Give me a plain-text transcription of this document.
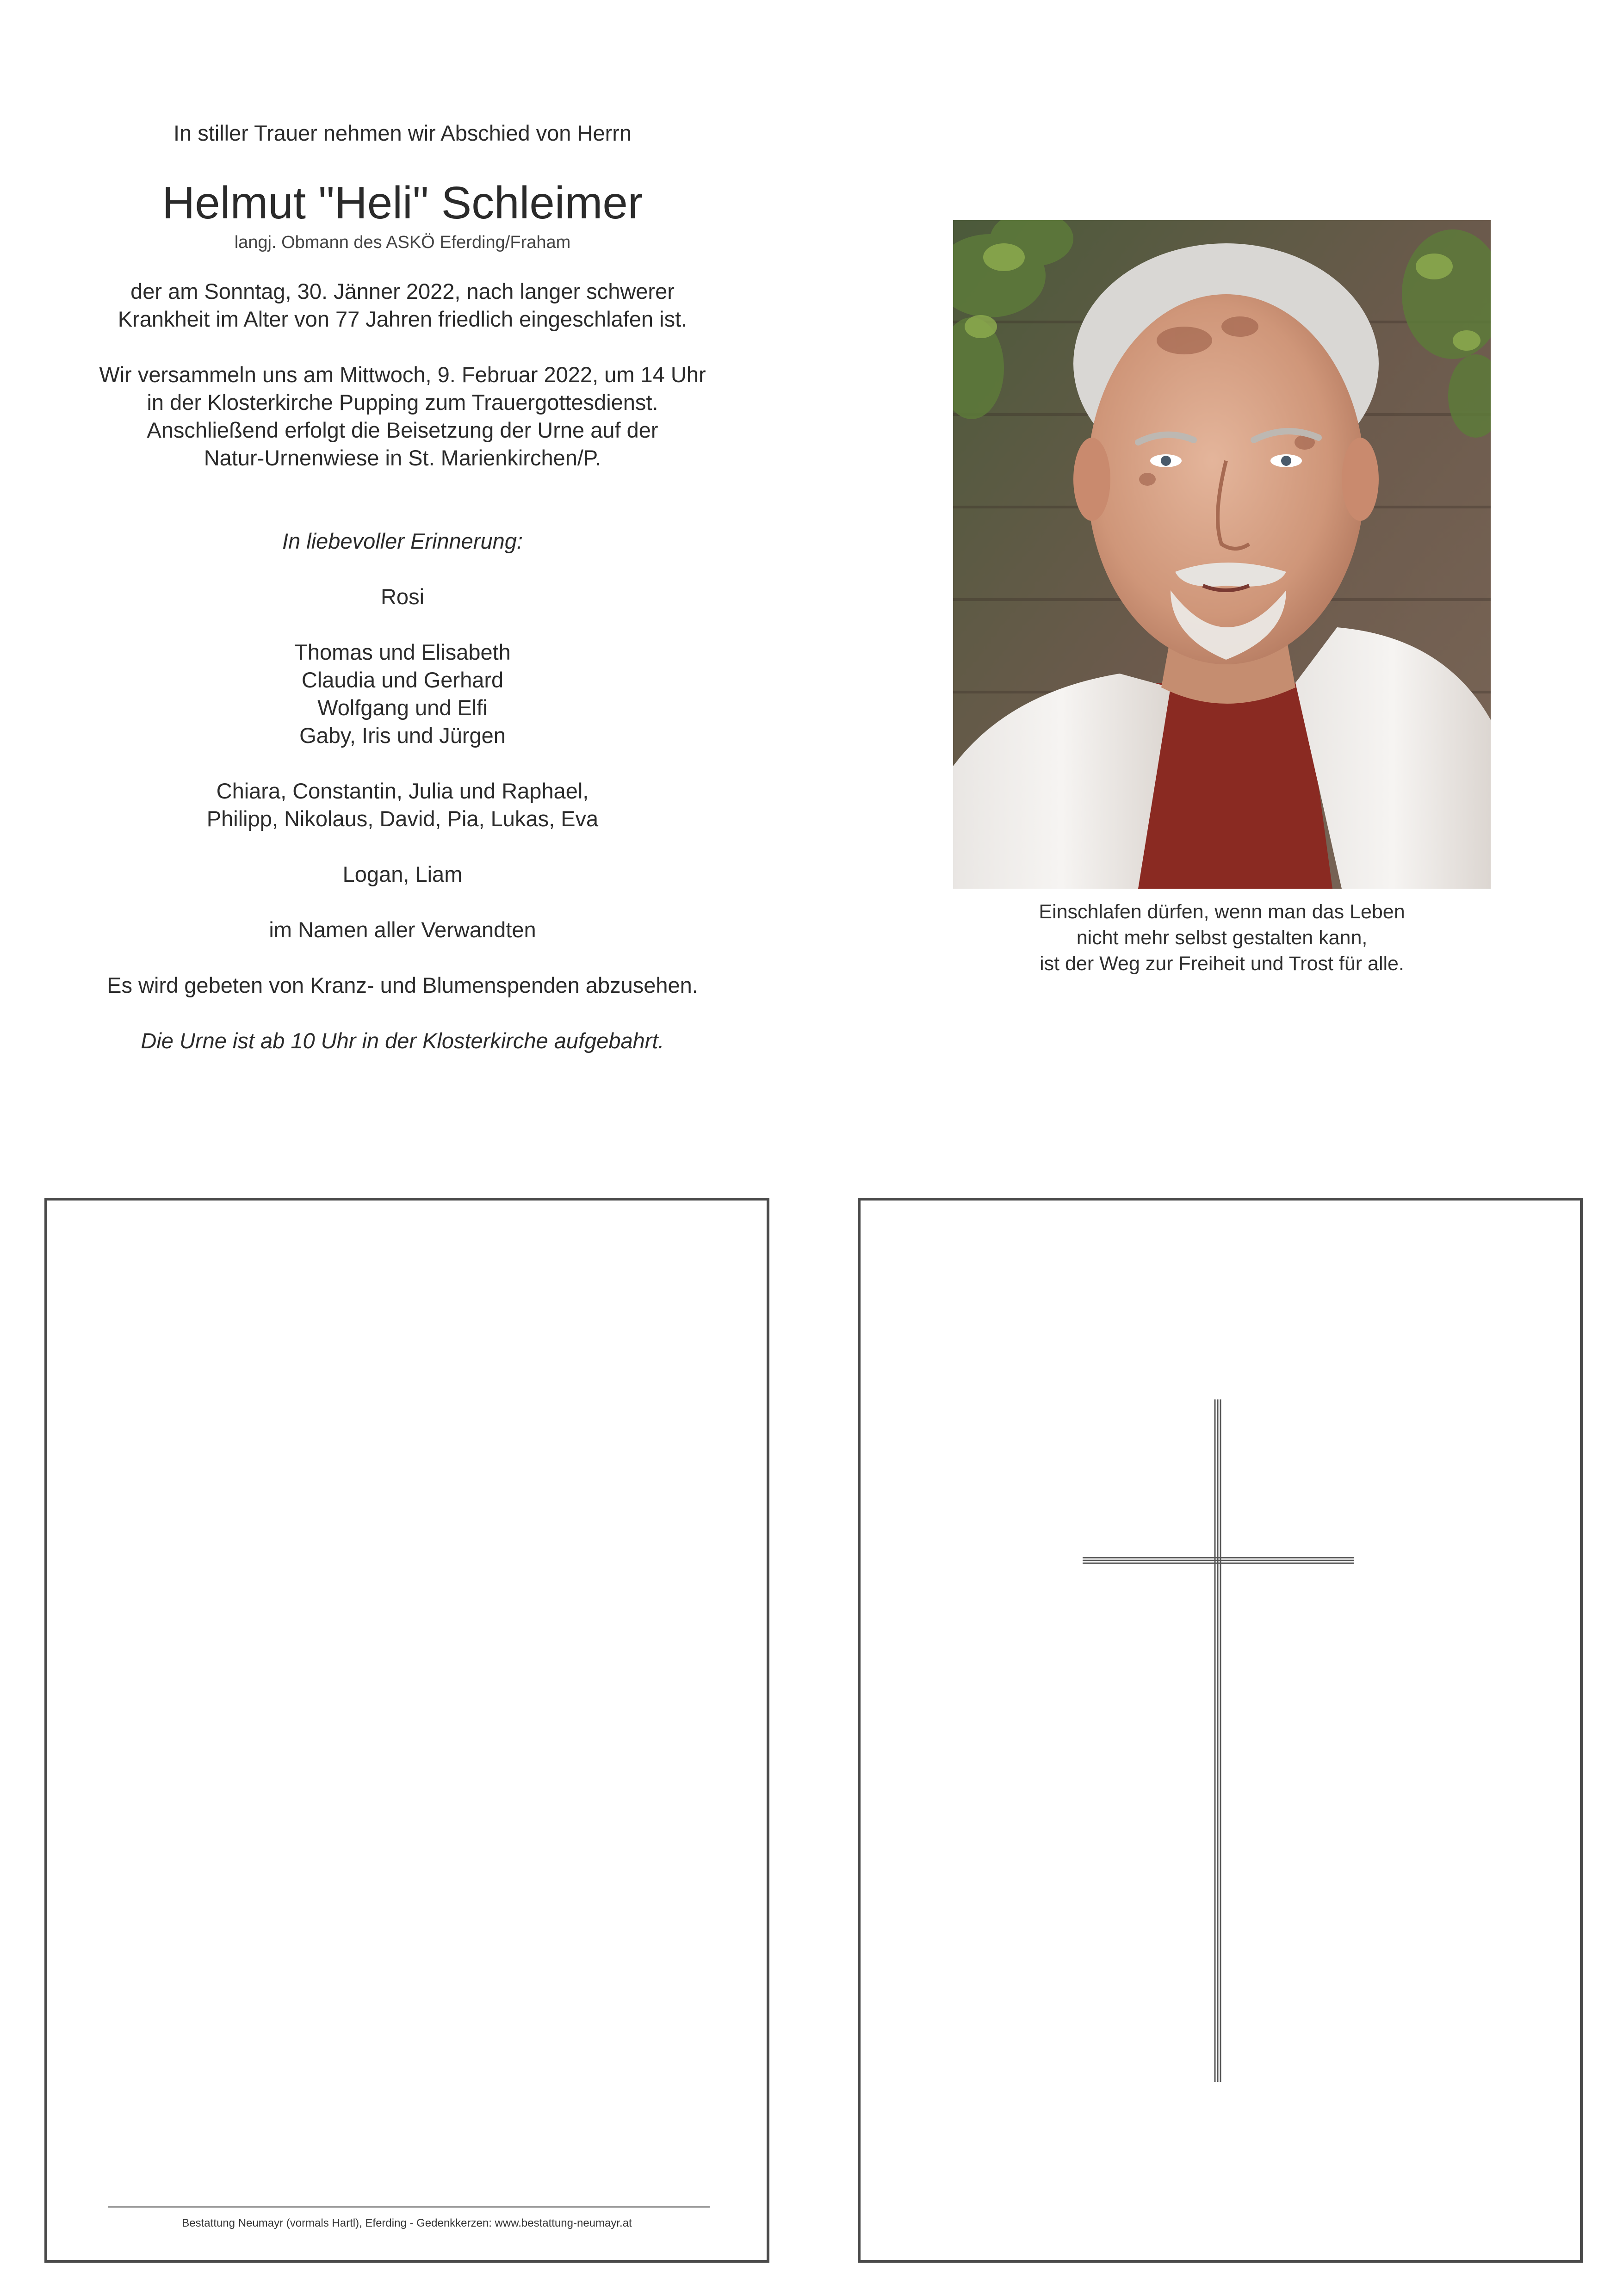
In stiller Trauer nehmen wir Abschied von Herrn
Helmut "Heli" Schleimer
langj. Obmann des ASKÖ Eferding/Fraham
der am Sonntag, 30. Jänner 2022, nach langer schwerer
Krankheit im Alter von 77 Jahren friedlich eingeschlafen ist.
Wir versammeln uns am Mittwoch, 9. Februar 2022, um 14 Uhr
in der Klosterkirche Pupping zum Trauergottesdienst.
Anschließend erfolgt die Beisetzung der Urne auf der
Natur-Urnenwiese in St. Marienkirchen/P.
In liebevoller Erinnerung:
Rosi
Thomas und Elisabeth
Claudia und Gerhard
Wolfgang und Elfi
Gaby, Iris und Jürgen
Chiara, Constantin, Julia und Raphael,
Philipp, Nikolaus, David, Pia, Lukas, Eva
Logan, Liam
im Namen aller Verwandten
Es wird gebeten von Kranz- und Blumenspenden abzusehen.
Die Urne ist ab 10 Uhr in der Klosterkirche aufgebahrt.
Einschlafen dürfen, wenn man das Leben
nicht mehr selbst gestalten kann,
ist der Weg zur Freiheit und Trost für alle.
Bestattung Neumayr (vormals Hartl), Eferding - Gedenkkerzen: www.bestattung-neumayr.at
